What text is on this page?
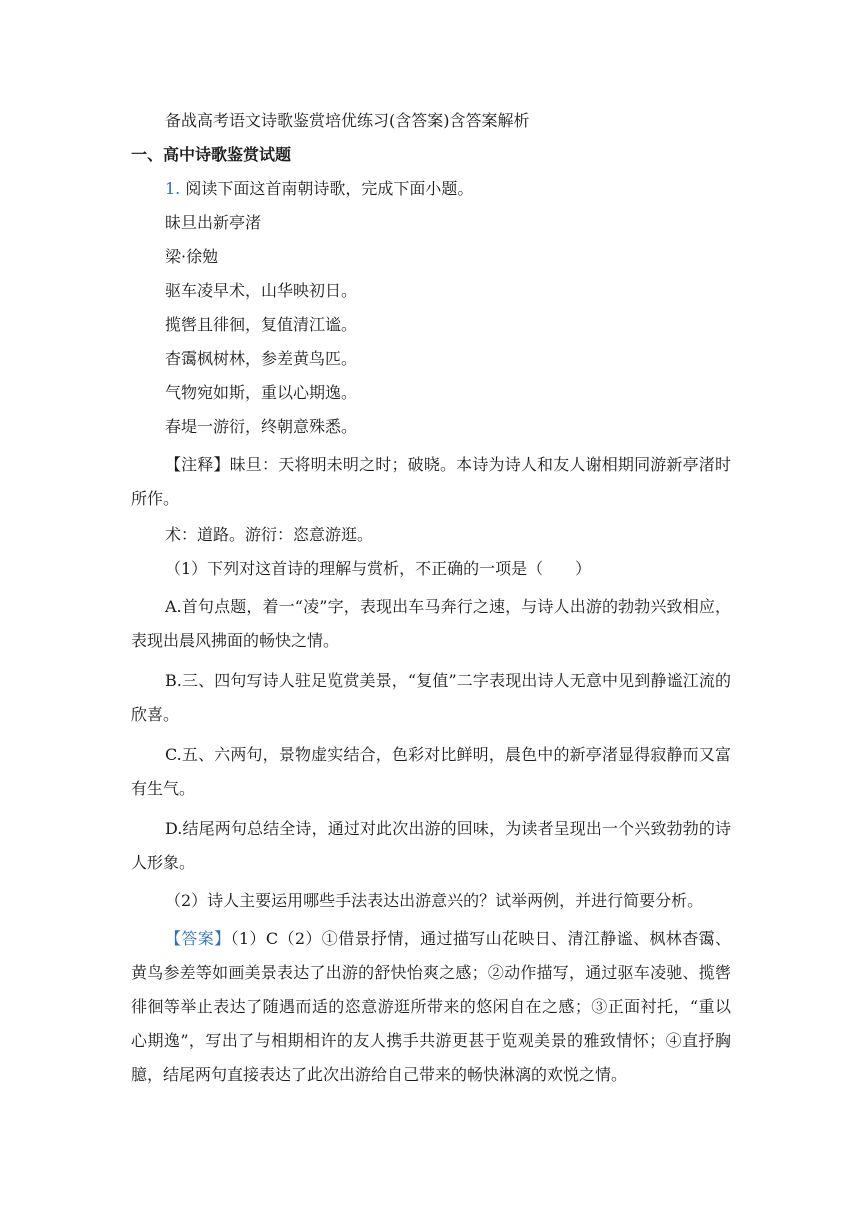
备战高考语文诗歌鉴赏培优练习(含答案)含答案解析

一、高中诗歌鉴赏试题

1. 阅读下面这首南朝诗歌，完成下面小题。

昧旦出新亭渚

梁·徐勉

驱车凌早术，山华映初日。

揽辔且徘徊，复值清江谧。

杳霭枫树林，参差黄鸟匹。

气物宛如斯，重以心期逸。

春堤一游衍，终朝意殊悉。

【注释】昧旦：天将明未明之时；破晓。本诗为诗人和友人谢相期同游新亭渚时所作。

术：道路。游衍：恣意游逛。

（1）下列对这首诗的理解与赏析，不正确的一项是（　　）

A.首句点题，着一“凌”字，表现出车马奔行之速，与诗人出游的勃勃兴致相应，表现出晨风拂面的畅快之情。

B.三、四句写诗人驻足览赏美景，“复值”二字表现出诗人无意中见到静谧江流的欣喜。

C.五、六两句，景物虚实结合，色彩对比鲜明，晨色中的新亭渚显得寂静而又富有生气。

D.结尾两句总结全诗，通过对此次出游的回味，为读者呈现出一个兴致勃勃的诗人形象。

（2）诗人主要运用哪些手法表达出游意兴的？试举两例，并进行简要分析。

【答案】（1）C（2）①借景抒情，通过描写山花映日、清江静谧、枫林杳霭、黄鸟参差等如画美景表达了出游的舒快怡爽之感；②动作描写，通过驱车凌驰、揽辔徘徊等举止表达了随遇而适的恣意游逛所带来的悠闲自在之感；③正面衬托，“重以心期逸”，写出了与相期相许的友人携手共游更甚于览观美景的雅致情怀；④直抒胸臆，结尾两句直接表达了此次出游给自己带来的畅快淋漓的欢悦之情。
